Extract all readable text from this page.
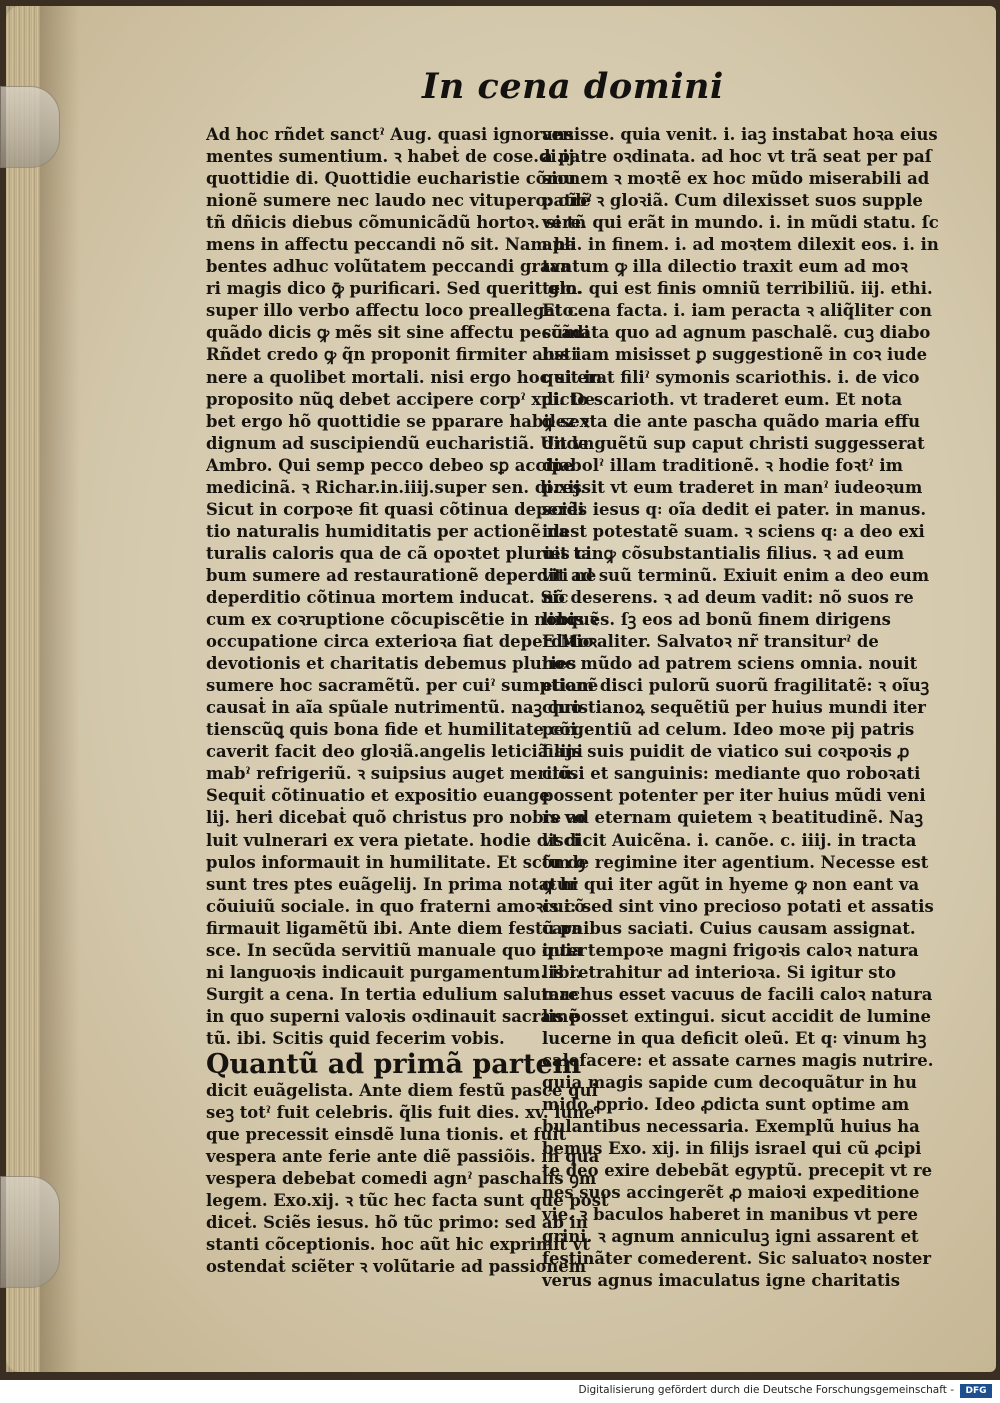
In cena domini
Ad hoc rñdet sanctˀ Aug. quasi ignorans
mentes sumentium. ꝛ habeṫ de cose.di.ij.
quottidie di. Quottidie eucharistie cõmu
nionẽ sumere nec laudo nec vitupero: oĩbˀ
tñ dñicis diebus cõmunicãdũ hortoꝛ. si tñ
mens in affectu peccandi nõ sit. Nam ha
bentes adhuc volũtatem peccandi grava
ri magis dico ꝙ̄ purificari. Sed querit glo.
super illo verbo affectu loco preallegato.
quãdo dicis ꝙ mẽs sit sine affectu peccãdi
Rñdet credo ꝙ q̃n proponit firmiter absti
nere a quolibet mortali. nisi ergo hoc sit in
proposito nũꝗ debet accipere corpˀ xpi. De
bet ergo hõ quottidie se pparare habilez ꝛ
dignum ad suscipiendũ eucharistiã. Unde
Ambro. Qui semp pecco debeo sꝑ accipe
medicinã. ꝛ Richar.in.iiij.super sen. di.xij.
Sicut in corpoꝛe fit quasi cõtinua deperdi
tio naturalis humiditatis per actionẽ na
turalis caloris qua de cã opoꝛtet pluries ci
bum sumere ad restaurationẽ deperditi ne
deperditio cõtinua mortem inducat. Sic
cum ex coꝛruptione cõcupiscẽtie in nobis ꝛ
occupatione circa exterioꝛa fiat deperditio
devotionis et charitatis debemus pluries
sumere hoc sacramẽtũ. per cuiˀ sumptionẽ
causaṫ in aĩa spũale nutrimentũ. naꝫ quo
tienscũꝗ quis bona fide et humilitate cõi
caverit facit deo gloꝛiã.angelis leticiã ani
mabˀ refrigeriũ. ꝛ suipsius auget meritũ.
Sequiṫ cõtinuatio et expositio euange
lij. heri dicebaṫ quõ christus pro nobis vo
luit vulnerari ex vera pietate. hodie disci
pulos informauit in humilitate. Et scõm ꝯ
sunt tres ptes euãgelij. In prima notatur
cõuiuiũ sociale. in quo fraterni amoꝛis cõ
firmauit ligamẽtũ ibi. Ante diem festũ pa
sce. In secũda servitiũ manuale quo inter
ni languoꝛis indicauit purgamentum. ibi.
Surgit a cena. In tertia edulium salutare
in quo superni valoꝛis oꝛdinauit sacramẽ
tũ. ibi. Scitis quid fecerim vobis.
Quantũ ad primã partem
dicit euãgelista. Ante diem festũ pasce qui
seꝫ totˀ fuit celebris. q̃lis fuit dies. xv. lune
que precessit einsdẽ luna tionis. et fuit
vespera ante ferie ante diẽ passiõis. in qua
vespera debebat comedi agnˀ paschalis ꝯm
legem. Exo.xij. ꝛ tũc hec facta sunt que post
diceṫ. Sciẽs iesus. hõ tũc primo: sed ab in
stanti cõceptionis. hoc aũt hic exprimiṫ vt
ostendaṫ sciẽter ꝛ volũtarie ad passionem
venisse. quia venit. i. iaꝫ instabat hoꝛa eius
a patre oꝛdinata. ad hoc vt trã seat per paſ
sionem ꝛ moꝛtẽ ex hoc mũdo miserabili ad
patrẽ ꝛ gloꝛiã. Cum dilexisset suos supple
vere. qui erãt in mundo. i. in mũdi statu. ſc
apłi. in finem. i. ad moꝛtem dilexit eos. i. in
tantum ꝙ illa dilectio traxit eum ad moꝛ
tem. qui est finis omniũ terribiliũ. iij. ethi.
Et cena facta. i. iam peracta ꝛ aliq̃liter con
sũmata quo ad agnum paschalẽ. cuꝫ diabo
lus iam misisset ꝑ suggestionẽ in coꝛ iude
qui erat filiˀ symonis scariothis. i. de vico
dicto scarioth. vt traderet eum. Et nota
ꝙ sexta die ante pascha quãdo maria effu
dit vnguẽtũ sup caput christi suggesserat
diabolˀ illam traditionẽ. ꝛ hodie foꝛtˀ im
pressit vt eum traderet in manˀ iudeoꝛum
sciẽs iesus q꞉ oĩa dedit ei pater. in manus.
idest potestatẽ suam. ꝛ sciens q꞉ a deo exi
uit tanꝙ cõsubstantialis filius. ꝛ ad eum
vit ad suũ terminũ. Exiuit enim a deo eum
nõ deserens. ꝛ ad deum vadit: nõ suos re
linquẽs. ſꝫ eos ad bonũ finem dirigens
E Moꝛaliter. Salvatoꝛ nr̃ transiturˀ de
hoc mũdo ad patrem sciens omnia. nouit
etiam disci pulorũ suorũ fragilitatẽ: ꝛ oĩuꝫ
christianoꝝ sequẽtiũ per huius mundi iter
pergentiũ ad celum. Ideo moꝛe pij patris
filijs suis puidit de viatico sui coꝛpoꝛis ꝓ
ciosi et sanguinis: mediante quo roboꝛati
possent potenter per iter huius mũdi veni
re ad eternam quietem ꝛ beatitudinẽ. Naꝫ
vt dicit Auicẽna. i. canõe. c. iiij. in tracta
tu de regimine iter agentium. Necesse est
ꝙ hi qui iter agũt in hyeme ꝙ non eant va
cui: sed sint vino precioso potati et assatis
carnibus saciati. Cuius causam assignat.
quia tempoꝛe magni frigoꝛis caloꝛ natura
lis retrahitur ad interioꝛa. Si igitur sto
machus esset vacuus de facili caloꝛ natura
lis posset extingui. sicut accidit de lumine
lucerne in qua deficit oleũ. Et q꞉ vinum hꝫ
calefacere: et assate carnes magis nutrire.
quia magis sapide cum decoquãtur in hu
mido ꝓprio. Ideo ꝓdicta sunt optime am
bulantibus necessaria. Exemplũ huius ha
bemus Exo. xij. in filijs israel qui cũ ꝓcipi
te deo exire debebãt egyptũ. precepit vt re
nes suos accingerẽt ꝓ maioꝛi expeditione
vie. ꝛ baculos haberet in manibus vt pere
grini. ꝛ agnum anniculuꝫ igni assarent et
festinãter comederent. Sic saluatoꝛ noster
verus agnus imaculatus igne charitatis
Digitalisierung gefördert durch die Deutsche Forschungsgemeinschaft -	DFG
